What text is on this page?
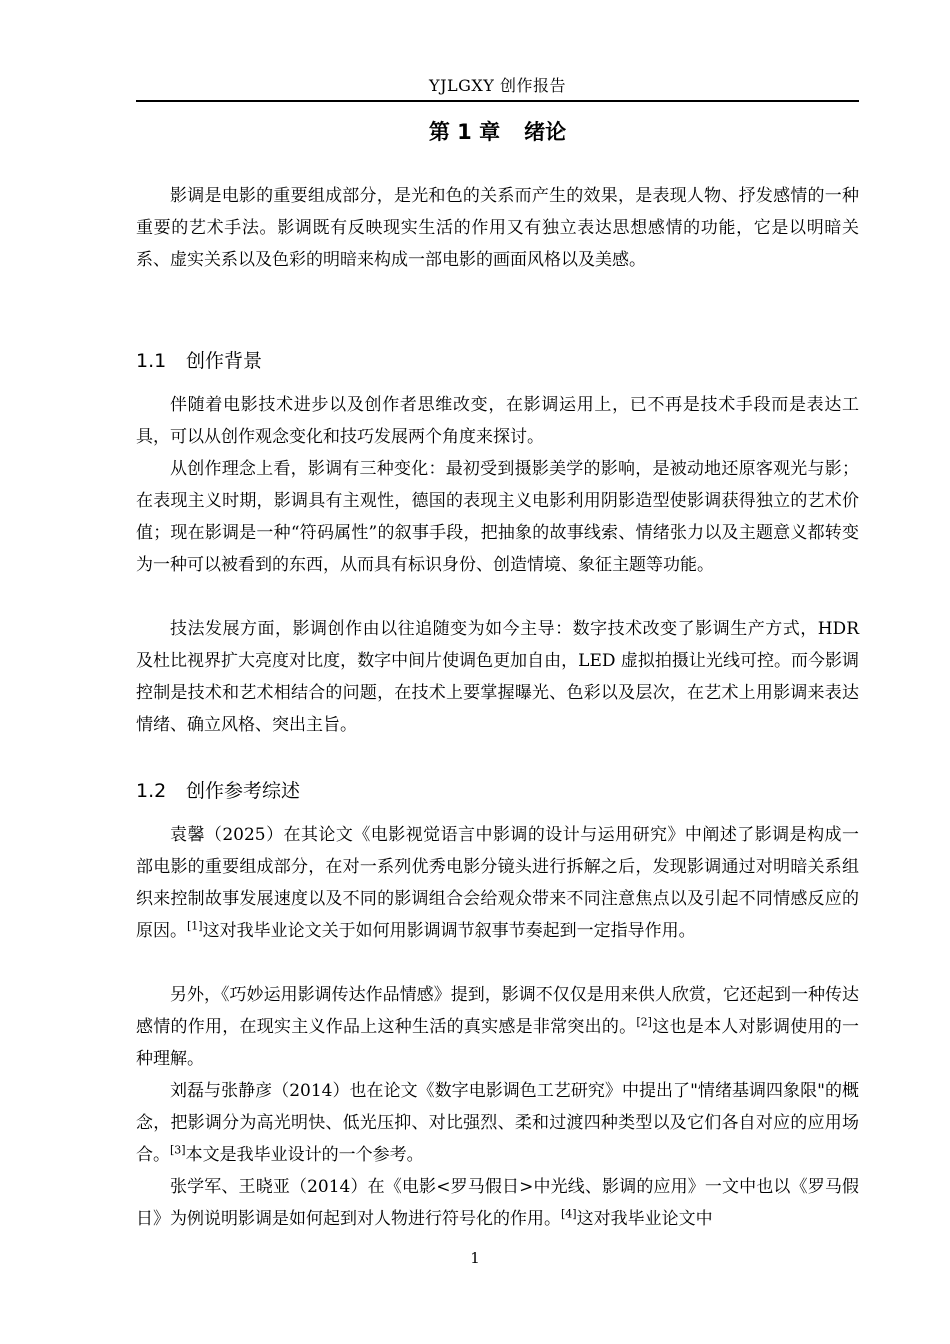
YJLGXY 创作报告
第 1 章 绪论

影调是电影的重要组成部分，是光和色的关系而产生的效果，是表现人物、抒发感情的一种重要的艺术手法。影调既有反映现实生活的作用又有独立表达思想感情的功能，它是以明暗关系、虚实关系以及色彩的明暗来构成一部电影的画面风格以及美感。

1.1 创作背景

伴随着电影技术进步以及创作者思维改变，在影调运用上，已不再是技术手段而是表达工具，可以从创作观念变化和技巧发展两个角度来探讨。

从创作理念上看，影调有三种变化：最初受到摄影美学的影响，是被动地还原客观光与影；在表现主义时期，影调具有主观性，德国的表现主义电影利用阴影造型使影调获得独立的艺术价值；现在影调是一种“符码属性”的叙事手段，把抽象的故事线索、情绪张力以及主题意义都转变为一种可以被看到的东西，从而具有标识身份、创造情境、象征主题等功能。

技法发展方面，影调创作由以往追随变为如今主导：数字技术改变了影调生产方式，HDR 及杜比视界扩大亮度对比度，数字中间片使调色更加自由，LED 虚拟拍摄让光线可控。而今影调控制是技术和艺术相结合的问题，在技术上要掌握曝光、色彩以及层次，在艺术上用影调来表达情绪、确立风格、突出主旨。

1.2 创作参考综述

袁馨（2025）在其论文《电影视觉语言中影调的设计与运用研究》中阐述了影调是构成一部电影的重要组成部分，在对一系列优秀电影分镜头进行拆解之后，发现影调通过对明暗关系组织来控制故事发展速度以及不同的影调组合会给观众带来不同注意焦点以及引起不同情感反应的原因。[1]这对我毕业论文关于如何用影调调节叙事节奏起到一定指导作用。

另外，《巧妙运用影调传达作品情感》提到，影调不仅仅是用来供人欣赏，它还起到一种传达感情的作用，在现实主义作品上这种生活的真实感是非常突出的。[2]这也是本人对影调使用的一种理解。

刘磊与张静彦（2014）也在论文《数字电影调色工艺研究》中提出了"情绪基调四象限"的概念，把影调分为高光明快、低光压抑、对比强烈、柔和过渡四种类型以及它们各自对应的应用场合。[3]本文是我毕业设计的一个参考。

张学军、王晓亚（2014）在《电影<罗马假日>中光线、影调的应用》一文中也以《罗马假日》为例说明影调是如何起到对人物进行符号化的作用。[4]这对我毕业论文中

1
